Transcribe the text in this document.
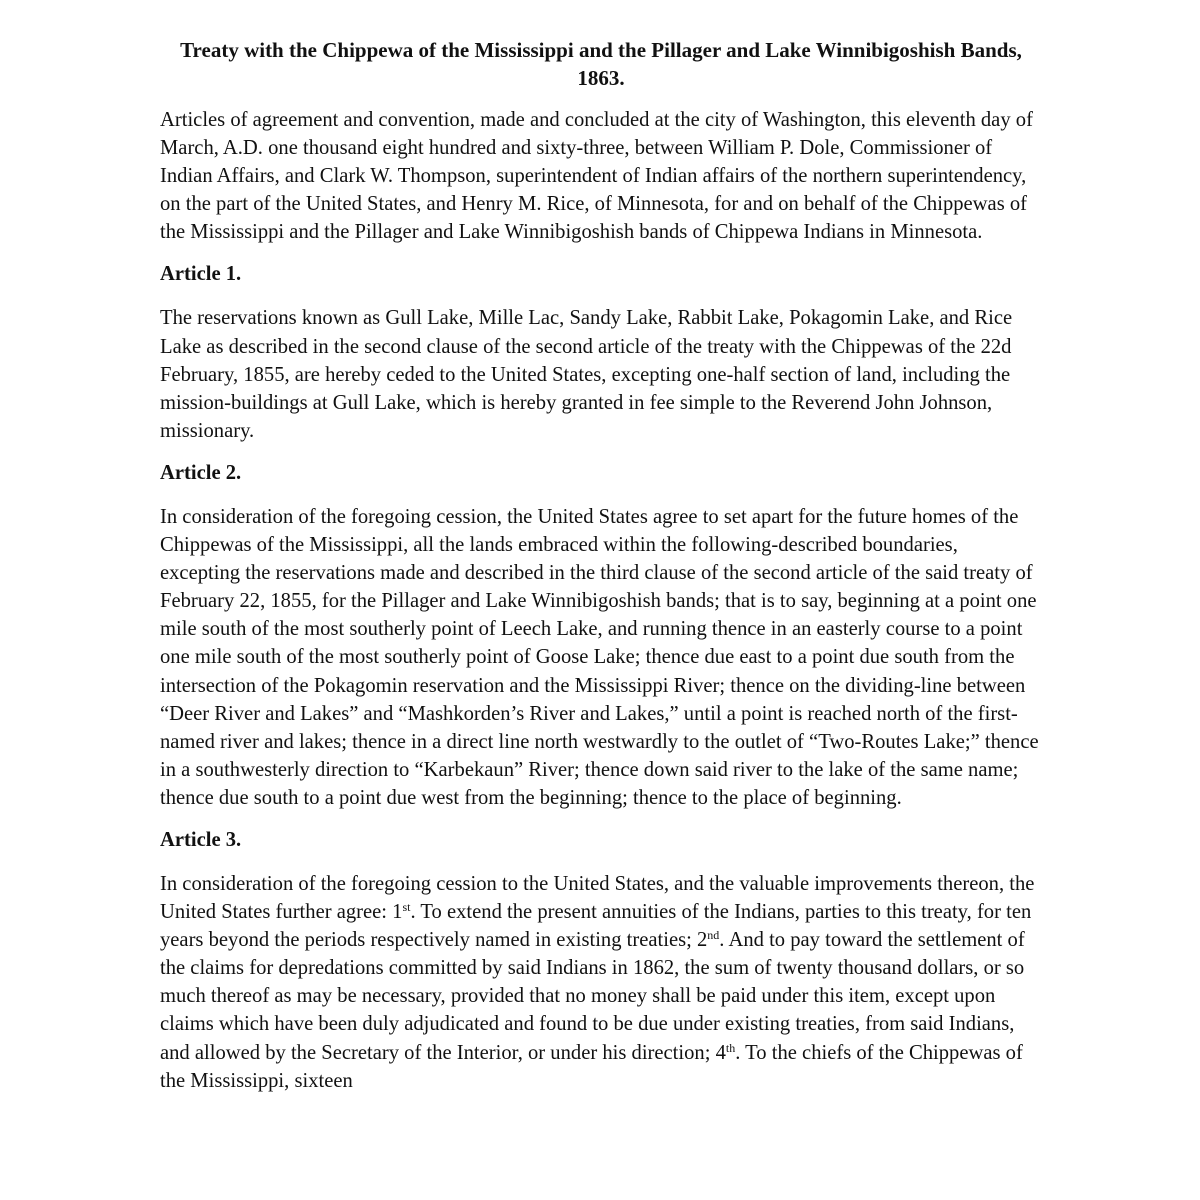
Treaty with the Chippewa of the Mississippi and the Pillager and Lake Winnibigoshish Bands, 1863.
Articles of agreement and convention, made and concluded at the city of Washington, this eleventh day of March, A.D. one thousand eight hundred and sixty-three, between William P. Dole, Commissioner of Indian Affairs, and Clark W. Thompson, superintendent of Indian affairs of the northern superintendency, on the part of the United States, and Henry M. Rice, of Minnesota, for and on behalf of the Chippewas of the Mississippi and the Pillager and Lake Winnibigoshish bands of Chippewa Indians in Minnesota.
Article 1.
The reservations known as Gull Lake, Mille Lac, Sandy Lake, Rabbit Lake, Pokagomin Lake, and Rice Lake as described in the second clause of the second article of the treaty with the Chippewas of the 22d February, 1855, are hereby ceded to the United States, excepting one-half section of land, including the mission-buildings at Gull Lake, which is hereby granted in fee simple to the Reverend John Johnson, missionary.
Article 2.
In consideration of the foregoing cession, the United States agree to set apart for the future homes of the Chippewas of the Mississippi, all the lands embraced within the following-described boundaries, excepting the reservations made and described in the third clause of the second article of the said treaty of February 22, 1855, for the Pillager and Lake Winnibigoshish bands; that is to say, beginning at a point one mile south of the most southerly point of Leech Lake, and running thence in an easterly course to a point one mile south of the most southerly point of Goose Lake; thence due east to a point due south from the intersection of the Pokagomin reservation and the Mississippi River; thence on the dividing-line between “Deer River and Lakes” and “Mashkorden’s River and Lakes,” until a point is reached north of the first-named river and lakes; thence in a direct line north westwardly to the outlet of “Two-Routes Lake;” thence in a southwesterly direction to “Karbekaun” River; thence down said river to the lake of the same name; thence due south to a point due west from the beginning; thence to the place of beginning.
Article 3.
In consideration of the foregoing cession to the United States, and the valuable improvements thereon, the United States further agree: 1st. To extend the present annuities of the Indians, parties to this treaty, for ten years beyond the periods respectively named in existing treaties; 2nd. And to pay toward the settlement of the claims for depredations committed by said Indians in 1862, the sum of twenty thousand dollars, or so much thereof as may be necessary, provided that no money shall be paid under this item, except upon claims which have been duly adjudicated and found to be due under existing treaties, from said Indians, and allowed by the Secretary of the Interior, or under his direction; 4th. To the chiefs of the Chippewas of the Mississippi, sixteen
